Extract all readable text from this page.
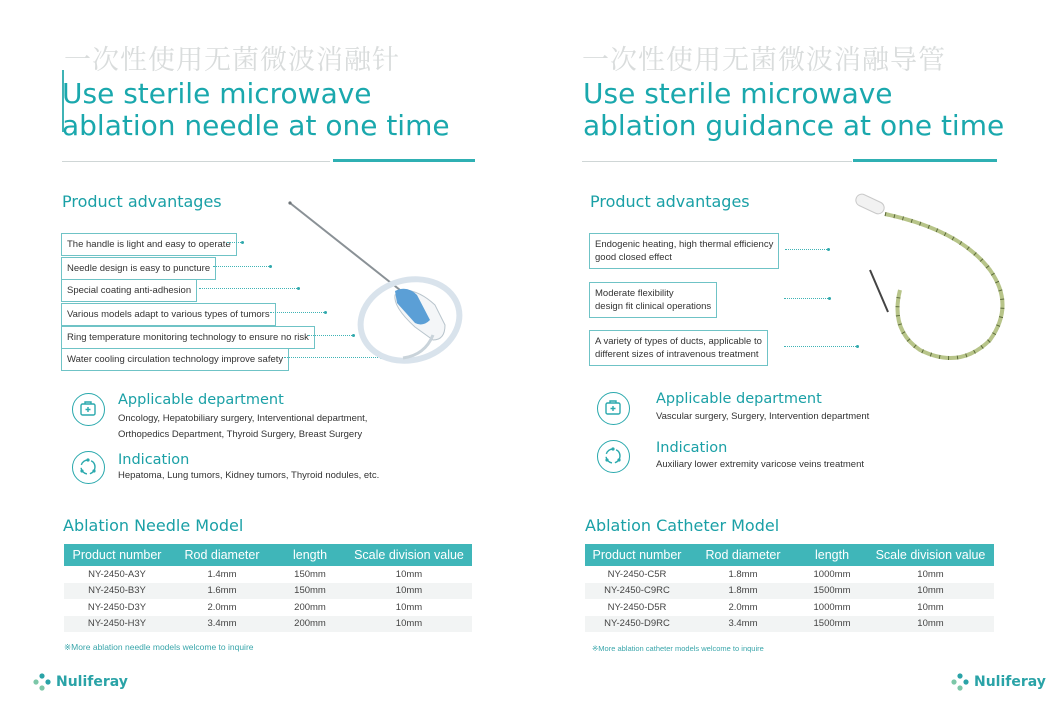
一次性使用无菌微波消融针
Use sterile microwave
ablation needle at one time
Product advantages
The handle is light and easy to operate
Needle design is easy to puncture
Special coating anti-adhesion
Various models adapt to various types of tumors
Ring temperature monitoring technology to ensure no risk
Water cooling circulation technology improve safety
Applicable department
Oncology, Hepatobiliary surgery, Interventional department,
Orthopedics Department, Thyroid Surgery, Breast Surgery
Indication
Hepatoma, Lung tumors, Kidney tumors, Thyroid nodules, etc.
Ablation Needle Model
Product number	Rod diameter	length	Scale division value
NY-2450-A3Y	1.4mm	150mm	10mm
NY-2450-B3Y	1.6mm	150mm	10mm
NY-2450-D3Y	2.0mm	200mm	10mm
NY-2450-H3Y	3.4mm	200mm	10mm
※More ablation needle models welcome to inquire
Nuliferay
一次性使用无菌微波消融导管
Use sterile microwave
ablation guidance at one time
Product advantages
Endogenic heating, high thermal efficiency
good closed effect
Moderate flexibility
design fit clinical operations
A variety of types of ducts, applicable to
different sizes of intravenous treatment
Applicable department
Vascular surgery, Surgery, Intervention department
Indication
Auxiliary lower extremity varicose veins treatment
Ablation Catheter Model
Product number	Rod diameter	length	Scale division value
NY-2450-C5R	1.8mm	1000mm	10mm
NY-2450-C9RC	1.8mm	1500mm	10mm
NY-2450-D5R	2.0mm	1000mm	10mm
NY-2450-D9RC	3.4mm	1500mm	10mm
※More ablation catheter models welcome to inquire
Nuliferay
